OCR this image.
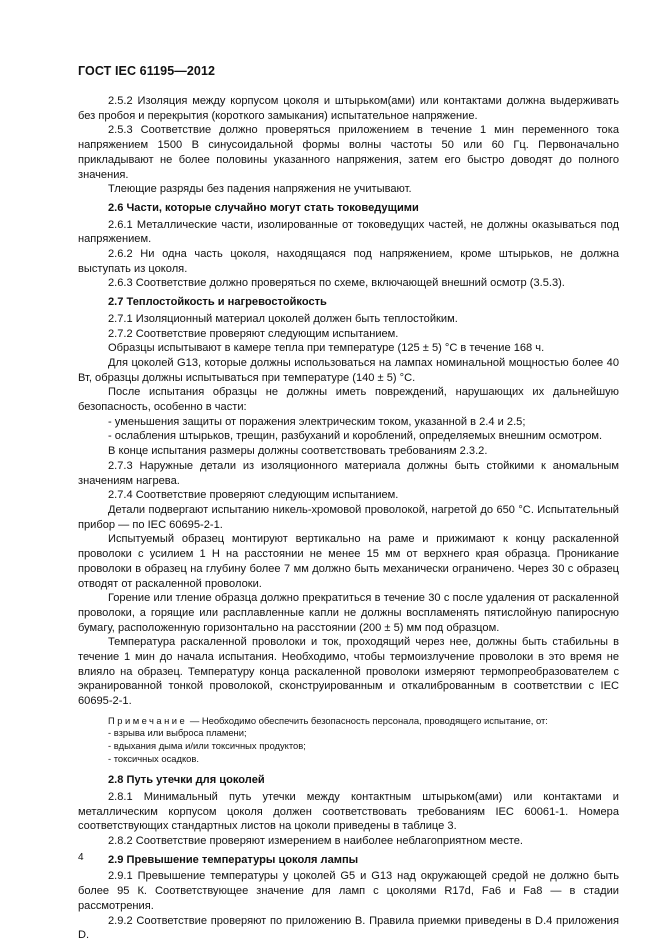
ГОСТ IEC 61195—2012

2.5.2 Изоляция между корпусом цоколя и штырьком(ами) или контактами должна выдерживать без пробоя и перекрытия (короткого замыкания) испытательное напряжение.

2.5.3 Соответствие должно проверяться приложением в течение 1 мин переменного тока напряжением 1500 В синусоидальной формы волны частоты 50 или 60 Гц. Первоначально прикладывают не более половины указанного напряжения, затем его быстро доводят до полного значения.

Тлеющие разряды без падения напряжения не учитывают.

2.6 Части, которые случайно могут стать токоведущими

2.6.1 Металлические части, изолированные от токоведущих частей, не должны оказываться под напряжением.

2.6.2 Ни одна часть цоколя, находящаяся под напряжением, кроме штырьков, не должна выступать из цоколя.

2.6.3 Соответствие должно проверяться по схеме, включающей внешний осмотр (3.5.3).

2.7 Теплостойкость и нагревостойкость

2.7.1 Изоляционный материал цоколей должен быть теплостойким.

2.7.2 Соответствие проверяют следующим испытанием.

Образцы испытывают в камере тепла при температуре (125 ± 5) °С в течение 168 ч.

Для цоколей G13, которые должны использоваться на лампах номинальной мощностью более 40 Вт, образцы должны испытываться при температуре (140 ± 5) °С.

После испытания образцы не должны иметь повреждений, нарушающих их дальнейшую безопасность, особенно в части:

- уменьшения защиты от поражения электрическим током, указанной в 2.4 и 2.5;

- ослабления штырьков, трещин, разбуханий и короблений, определяемых внешним осмотром.

В конце испытания размеры должны соответствовать требованиям 2.3.2.

2.7.3 Наружные детали из изоляционного материала должны быть стойкими к аномальным значениям нагрева.

2.7.4 Соответствие проверяют следующим испытанием.

Детали подвергают испытанию никель-хромовой проволокой, нагретой до 650 °С. Испытательный прибор — по IEC 60695-2-1.

Испытуемый образец монтируют вертикально на раме и прижимают к концу раскаленной проволоки с усилием 1 Н на расстоянии не менее 15 мм от верхнего края образца. Проникание проволоки в образец на глубину более 7 мм должно быть механически ограничено. Через 30 с образец отводят от раскаленной проволоки.

Горение или тление образца должно прекратиться в течение 30 с после удаления от раскаленной проволоки, а горящие или расплавленные капли не должны воспламенять пятислойную папиросную бумагу, расположенную горизонтально на расстоянии (200 ± 5) мм под образцом.

Температура раскаленной проволоки и ток, проходящий через нее, должны быть стабильны в течение 1 мин до начала испытания. Необходимо, чтобы термоизлучение проволоки в это время не влияло на образец. Температуру конца раскаленной проволоки измеряют термопреобразователем с экранированной тонкой проволокой, сконструированным и откалиброванным в соответствии с IEC 60695-2-1.

Примечание — Необходимо обеспечить безопасность персонала, проводящего испытание, от:

- взрыва или выброса пламени;

- вдыхания дыма и/или токсичных продуктов;

- токсичных осадков.

2.8 Путь утечки для цоколей

2.8.1 Минимальный путь утечки между контактным штырьком(ами) или контактами и металлическим корпусом цоколя должен соответствовать требованиям IEC 60061-1. Номера соответствующих стандартных листов на цоколи приведены в таблице 3.

2.8.2 Соответствие проверяют измерением в наиболее неблагоприятном месте.

2.9 Превышение температуры цоколя лампы

2.9.1 Превышение температуры у цоколей G5 и G13 над окружающей средой не должно быть более 95 К. Соответствующее значение для ламп с цоколями R17d, Fa6 и Fa8 — в стадии рассмотрения.

2.9.2 Соответствие проверяют по приложению В. Правила приемки приведены в D.4 приложения D.

4
